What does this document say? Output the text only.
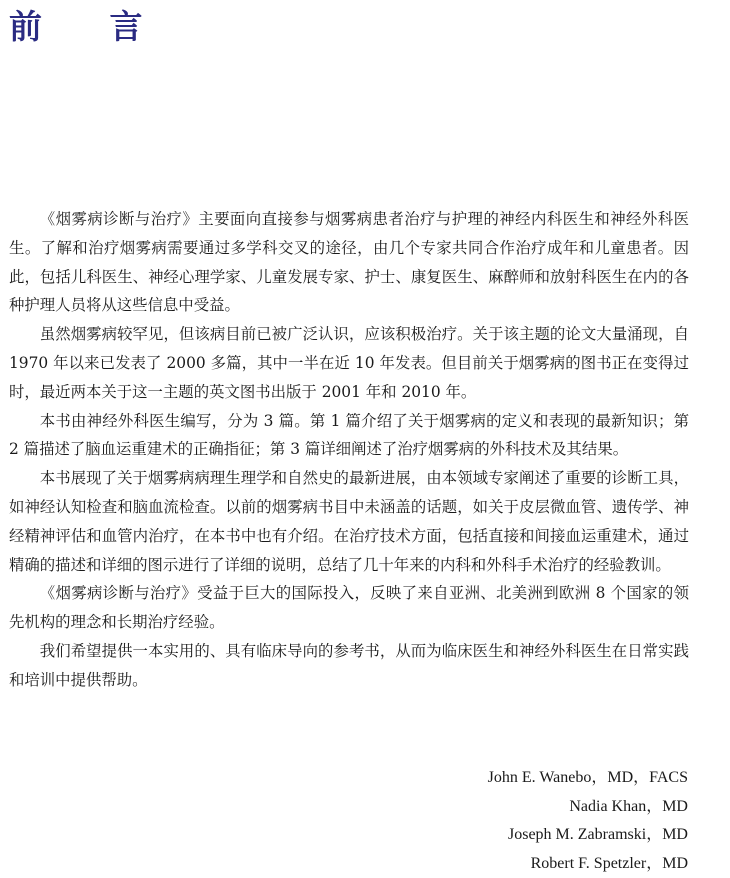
前 言

《烟雾病诊断与治疗》主要面向直接参与烟雾病患者治疗与护理的神经内科医生和神经外科医生。了解和治疗烟雾病需要通过多学科交叉的途径，由几个专家共同合作治疗成年和儿童患者。因此，包括儿科医生、神经心理学家、儿童发展专家、护士、康复医生、麻醉师和放射科医生在内的各种护理人员将从这些信息中受益。

虽然烟雾病较罕见，但该病目前已被广泛认识，应该积极治疗。关于该主题的论文大量涌现，自 1970 年以来已发表了 2000 多篇，其中一半在近 10 年发表。但目前关于烟雾病的图书正在变得过时，最近两本关于这一主题的英文图书出版于 2001 年和 2010 年。

本书由神经外科医生编写，分为 3 篇。第 1 篇介绍了关于烟雾病的定义和表现的最新知识；第 2 篇描述了脑血运重建术的正确指征；第 3 篇详细阐述了治疗烟雾病的外科技术及其结果。

本书展现了关于烟雾病病理生理学和自然史的最新进展，由本领域专家阐述了重要的诊断工具，如神经认知检查和脑血流检查。以前的烟雾病书目中未涵盖的话题，如关于皮层微血管、遗传学、神经精神评估和血管内治疗，在本书中也有介绍。在治疗技术方面，包括直接和间接血运重建术，通过精确的描述和详细的图示进行了详细的说明，总结了几十年来的内科和外科手术治疗的经验教训。

《烟雾病诊断与治疗》受益于巨大的国际投入，反映了来自亚洲、北美洲到欧洲 8 个国家的领先机构的理念和长期治疗经验。

我们希望提供一本实用的、具有临床导向的参考书，从而为临床医生和神经外科医生在日常实践和培训中提供帮助。

John E. Wanebo，MD，FACS
Nadia Khan，MD
Joseph M. Zabramski，MD
Robert F. Spetzler，MD
